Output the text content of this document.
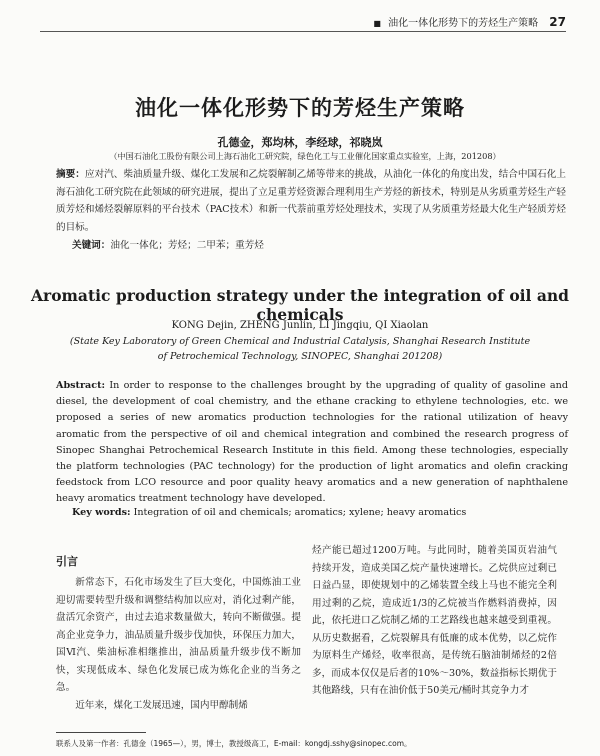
■ 油化一体化形势下的芳烃生产策略 27
油化一体化形势下的芳烃生产策略
孔德金，郑均林，李经球，祁晓岚
（中国石油化工股份有限公司上海石油化工研究院，绿色化工与工业催化国家重点实验室，上海，201208）
摘要：应对汽、柴油质量升级、煤化工发展和乙烷裂解制乙烯等带来的挑战，从油化一体化的角度出发，结合中国石化上海石油化工研究院在此领域的研究进展，提出了立足重芳烃资源合理利用生产芳烃的新技术，特别是从劣质重芳烃生产轻质芳烃和烯烃裂解原料的平台技术（PAC技术）和新一代萘前重芳烃处理技术，实现了从劣质重芳烃最大化生产轻质芳烃的目标。
关键词：油化一体化；芳烃；二甲苯；重芳烃
Aromatic production strategy under the integration of oil and chemicals
KONG Dejin, ZHENG Junlin, LI Jingqiu, QI Xiaolan
(State Key Laboratory of Green Chemical and Industrial Catalysis, Shanghai Research Institute
of Petrochemical Technology, SINOPEC, Shanghai 201208)
Abstract: In order to response to the challenges brought by the upgrading of quality of gasoline and diesel, the development of coal chemistry, and the ethane cracking to ethylene technologies, etc. we proposed a series of new aromatics production technologies for the rational utilization of heavy aromatic from the perspective of oil and chemical integration and combined the research progress of Sinopec Shanghai Petrochemical Research Institute in this field. Among these technologies, especially the platform technologies (PAC technology) for the production of light aromatics and olefin cracking feedstock from LCO resource and poor quality heavy aromatics and a new generation of naphthalene heavy aromatics treatment technology have developed.
Key words: Integration of oil and chemicals; aromatics; xylene; heavy aromatics
引言

新常态下，石化市场发生了巨大变化，中国炼油工业迎切需要转型升级和调整结构加以应对，消化过剩产能，盘活冗余资产，由过去追求数量做大，转向不断做强。提高企业竞争力，油品质量升级步伐加快，环保压力加大，国Ⅵ汽、柴油标准相继推出，油品质量升级步伐不断加快，实现低成本、绿色化发展已成为炼化企业的当务之急。

近年来，煤化工发展迅速，国内甲醇制烯

烃产能已超过1200万吨。与此同时，随着美国页岩油气持续开发，造成美国乙烷产量快速增长。乙烷供应过剩已日益凸显，即使规划中的乙烯装置全线上马也不能完全利用过剩的乙烷，造成近1/3的乙烷被当作燃料消费掉，因此，依托进口乙烷制乙烯的工艺路线也越来越受到重视。从历史数据看，乙烷裂解具有低廉的成本优势，以乙烷作为原料生产烯烃，收率很高，是传统石脑油制烯烃的2倍多，而成本仅仅是后者的10%～30%，数益指标长期优于其他路线，只有在油价低于50美元/桶时其竞争力才

联系人及第一作者：孔德金（1965—），男，博士，教授级高工，E-mail：kongdj.sshy@sinopec.com。
